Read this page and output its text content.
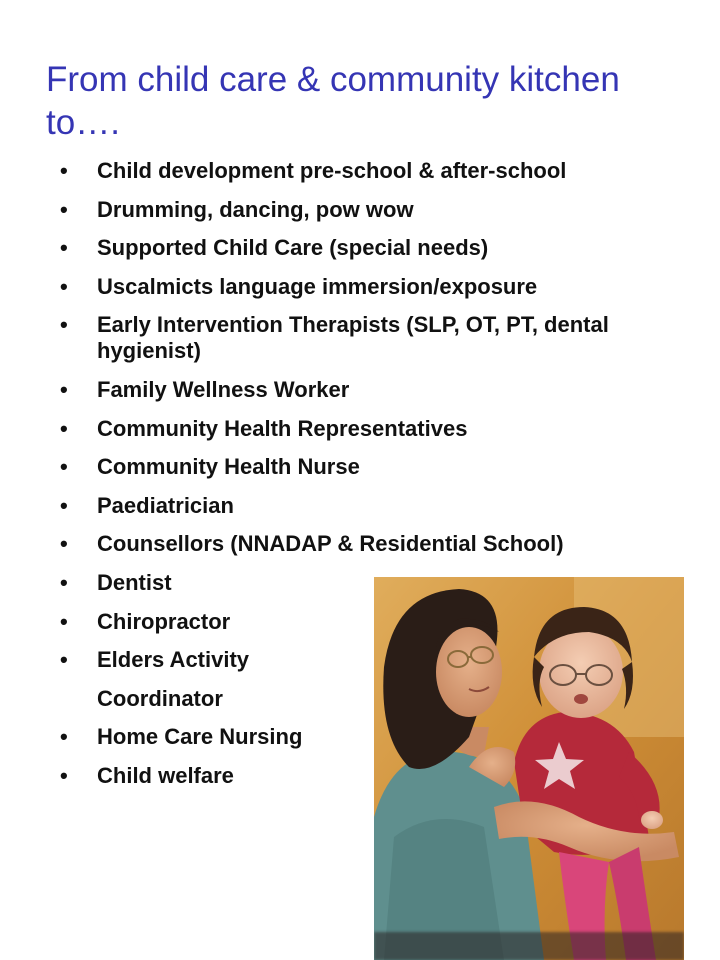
From child care & community kitchen to….
• Child development pre-school & after-school
• Drumming, dancing, pow wow
• Supported Child Care (special needs)
• Uscalmicts language immersion/exposure
• Early Intervention Therapists (SLP, OT, PT, dental hygienist)
• Family Wellness Worker
• Community Health Representatives
• Community Health Nurse
• Paediatrician
• Counsellors (NNADAP & Residential School)
• Dentist
• Chiropractor
• Elders Activity
Coordinator
• Home Care Nursing
• Child welfare
